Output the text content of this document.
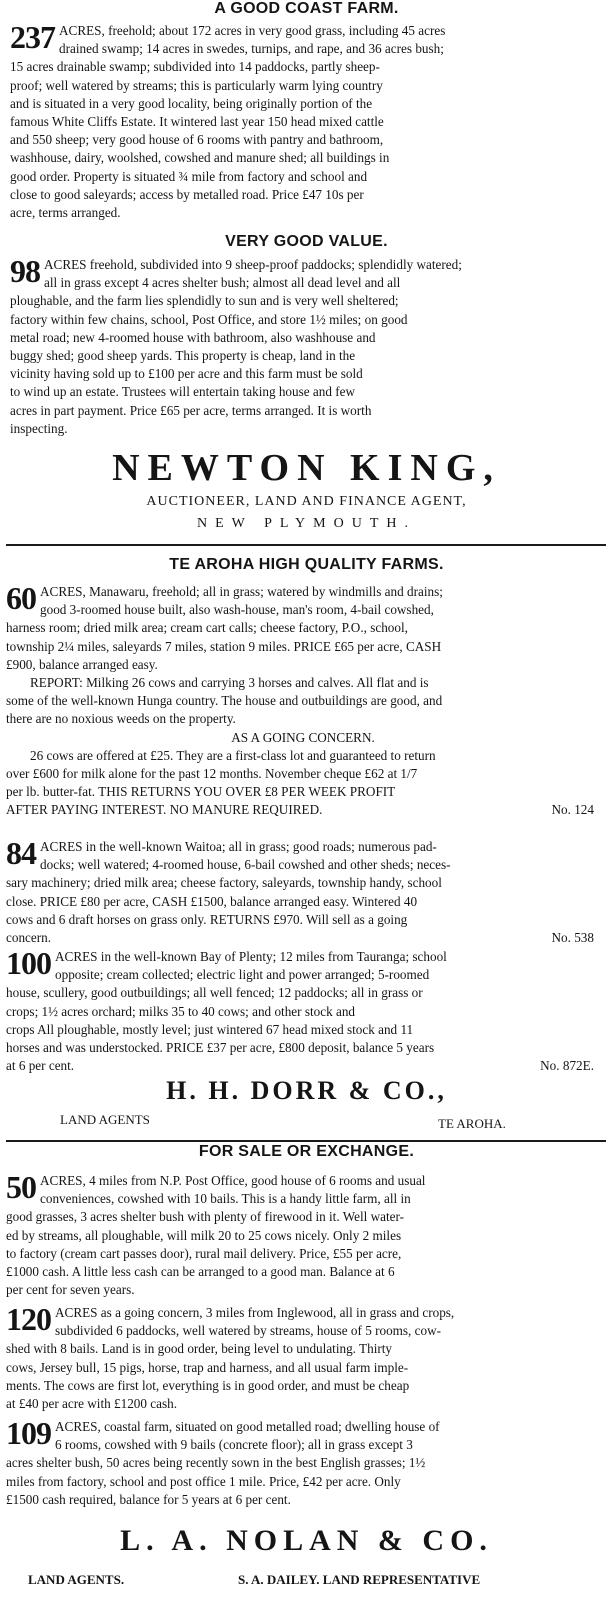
A GOOD COAST FARM.
237 ACRES, freehold; about 172 acres in very good grass, including 45 acres
drained swamp; 14 acres in swedes, turnips, and rape, and 36 acres bush;
15 acres drainable swamp; subdivided into 14 paddocks, partly sheep-
proof; well watered by streams; this is particularly warm lying country
and is situated in a very good locality, being originally portion of the
famous White Cliffs Estate. It wintered last year 150 head mixed cattle
and 550 sheep; very good house of 6 rooms with pantry and bathroom,
washhouse, dairy, woolshed, cowshed and manure shed; all buildings in
good order. Property is situated ¾ mile from factory and school and
close to good saleyards; access by metalled road. Price £47 10s per
acre, terms arranged.
VERY GOOD VALUE.
98 ACRES freehold, subdivided into 9 sheep-proof paddocks; splendidly watered;
all in grass except 4 acres shelter bush; almost all dead level and all
ploughable, and the farm lies splendidly to sun and is very well sheltered;
factory within few chains, school, Post Office, and store 1½ miles; on good
metal road; new 4-roomed house with bathroom, also washhouse and
buggy shed; good sheep yards. This property is cheap, land in the
vicinity having sold up to £100 per acre and this farm must be sold
to wind up an estate. Trustees will entertain taking house and few
acres in part payment. Price £65 per acre, terms arranged. It is worth
inspecting.
NEWTON KING,
AUCTIONEER, LAND AND FINANCE AGENT,
NEW PLYMOUTH.
TE AROHA HIGH QUALITY FARMS.
60 ACRES, Manawaru, freehold; all in grass; watered by windmills and drains;
good 3-roomed house built, also wash-house, man's room, 4-bail cowshed,
harness room; dried milk area; cream cart calls; cheese factory, P.O., school,
township 2¼ miles, saleyards 7 miles, station 9 miles. PRICE £65 per acre, CASH
£900, balance arranged easy.
REPORT: Milking 26 cows and carrying 3 horses and calves. All flat and is
some of the well-known Hunga country. The house and outbuildings are good, and
there are no noxious weeds on the property.
AS A GOING CONCERN.
26 cows are offered at £25. They are a first-class lot and guaranteed to return
over £600 for milk alone for the past 12 months. November cheque £62 at 1/7
per lb. butter-fat. THIS RETURNS YOU OVER £8 PER WEEK PROFIT
AFTER PAYING INTEREST. NO MANURE REQUIRED.	No. 124
84 ACRES in the well-known Waitoa; all in grass; good roads; numerous pad-
docks; well watered; 4-roomed house, 6-bail cowshed and other sheds; neces-
sary machinery; dried milk area; cheese factory, saleyards, township handy, school
close. PRICE £80 per acre, CASH £1500, balance arranged easy. Wintered 40
cows and 6 draft horses on grass only. RETURNS £970. Will sell as a going
concern.	No. 538
100 ACRES in the well-known Bay of Plenty; 12 miles from Tauranga; school
opposite; cream collected; electric light and power arranged; 5-roomed
house, scullery, good outbuildings; all well fenced; 12 paddocks; all in grass or
crops; 1½ acres orchard; milks 35 to 40 cows; and other stock and
crops All ploughable, mostly level; just wintered 67 head mixed stock and 11
horses and was understocked. PRICE £37 per acre, £800 deposit, balance 5 years
at 6 per cent.	No. 872E.
H. H. DORR & CO.,
LAND AGENTS	TE AROHA.
FOR SALE OR EXCHANGE.
50 ACRES, 4 miles from N.P. Post Office, good house of 6 rooms and usual
conveniences, cowshed with 10 bails. This is a handy little farm, all in
good grasses, 3 acres shelter bush with plenty of firewood in it. Well water-
ed by streams, all ploughable, will milk 20 to 25 cows nicely. Only 2 miles
to factory (cream cart passes door), rural mail delivery. Price, £55 per acre,
£1000 cash. A little less cash can be arranged to a good man. Balance at 6
per cent for seven years.
120 ACRES as a going concern, 3 miles from Inglewood, all in grass and crops,
subdivided 6 paddocks, well watered by streams, house of 5 rooms, cow-
shed with 8 bails. Land is in good order, being level to undulating. Thirty
cows, Jersey bull, 15 pigs, horse, trap and harness, and all usual farm imple-
ments. The cows are first lot, everything is in good order, and must be cheap
at £40 per acre with £1200 cash.
109 ACRES, coastal farm, situated on good metalled road; dwelling house of
6 rooms, cowshed with 9 bails (concrete floor); all in grass except 3
acres shelter bush, 50 acres being recently sown in the best English grasses; 1½
miles from factory, school and post office 1 mile. Price, £42 per acre. Only
£1500 cash required, balance for 5 years at 6 per cent.
L. A. NOLAN & CO.
LAND AGENTS.	S. A. DAILEY. LAND REPRESENTATIVE
